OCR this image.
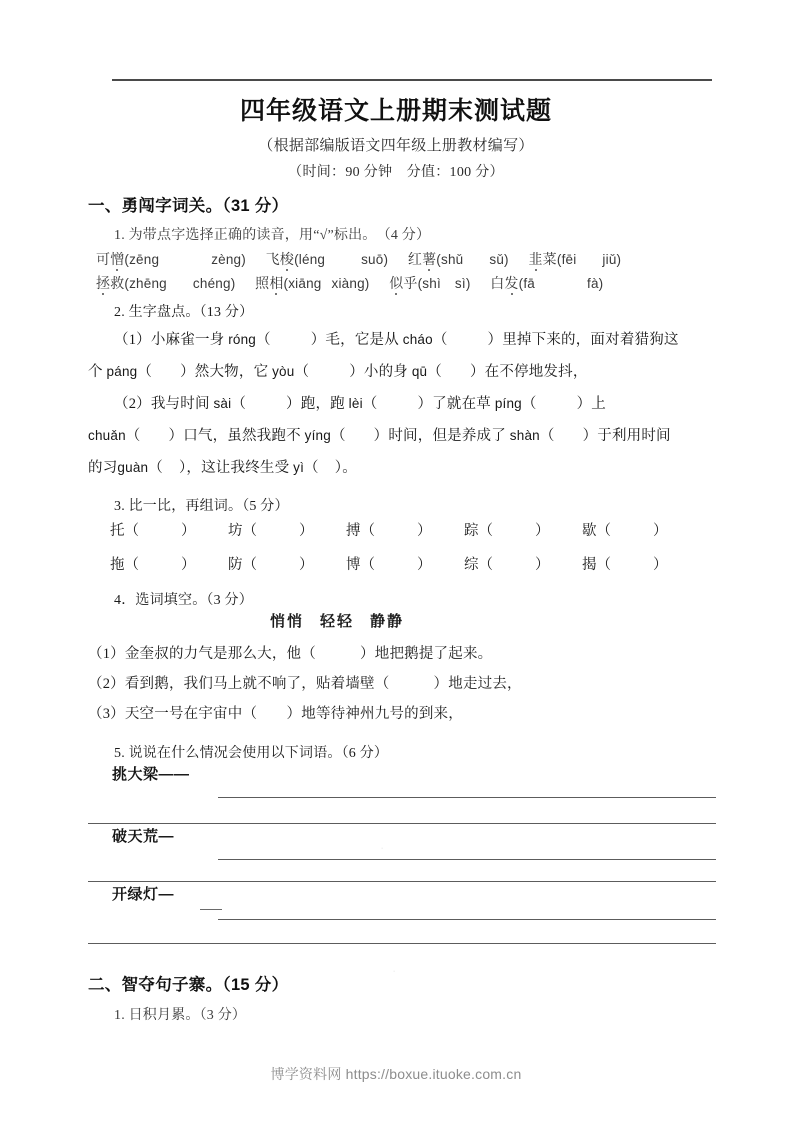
四年级语文上册期末测试题
（根据部编版语文四年级上册教材编写）
（时间：90 分钟　分值：100 分）
一、勇闯字词关。（31 分）
1. 为带点字选择正确的读音，用“√”标出。　（4 分）
可憎(zēng	zèng) 飞梭(léng	suō) 红薯(shǔ sǔ) 韭菜(fēi jiǔ)
拯救(zhēng chéng) 照相(xiāng xiàng) 似乎(shì sì) 白发(fā	fà)
2. 生字盘点。（13 分）
（1）小麻雀一身 róng（	）毛，它是从 cháo（	）里掉下来的，面对着猎狗这
个 páng（ ）然大物，它 yòu（	）小的身 qū（ ）在不停地发抖，
（2）我与时间 sài（	）跑，跑 lèi（	）了就在草 píng（	）上
chuǎn（ ）口气，虽然我跑不 yíng（ ）时间，但是养成了 shàn（ ）于利用时间
的习guàn（ ），这让我终生受 yì（ ）。
3. 比一比，再组词。（5 分）
托（	）	坊（	）	搏（	）	踪（	）	歇（	）
拖（	）	防（	）	博（	）	综（	）	揭（	）
4．选词填空。（3 分）
悄悄 轻轻 静静
（1）金奎叔的力气是那么大，他（　　　）地把鹅提了起来。
（2）看到鹅，我们马上就不响了，贴着墙壁（　　　）地走过去，
（3）天空一号在宇宙中（　　）地等待神州九号的到来，
5. 说说在什么情况会使用以下词语。（6 分）
挑大梁——
破天荒—
开绿灯—
二、智夺句子寨。（15 分）
1. 日积月累。（3 分）
·
·
博学资料网 https://boxue.ituoke.com.cn
